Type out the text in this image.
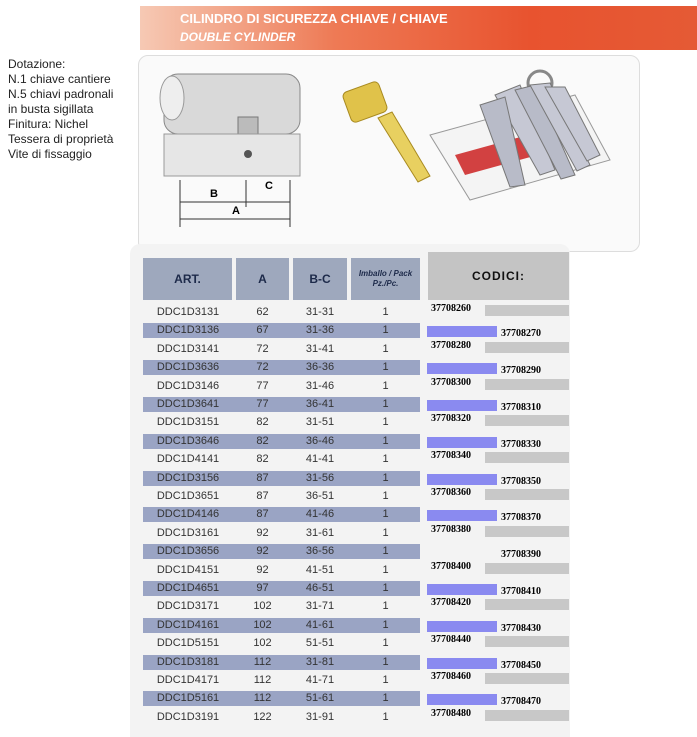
CILINDRO DI SICUREZZA CHIAVE / CHIAVE
DOUBLE CYLINDER
Dotazione:
N.1 chiave cantiere
N.5 chiavi padronali
in busta sigillata
Finitura: Nichel
Tessera di proprietà
Vite di fissaggio
B
C
A
ART.	A	B-C	Imballo / Pack
Pz./Pc.
CODICI:
DDC1D3131	62	31-31	1	37708260
DDC1D3136	67	31-36	1	37708270
DDC1D3141	72	31-41	1	37708280
DDC1D3636	72	36-36	1	37708290
DDC1D3146	77	31-46	1	37708300
DDC1D3641	77	36-41	1	37708310
DDC1D3151	82	31-51	1	37708320
DDC1D3646	82	36-46	1	37708330
DDC1D4141	82	41-41	1	37708340
DDC1D3156	87	31-56	1	37708350
DDC1D3651	87	36-51	1	37708360
DDC1D4146	87	41-46	1	37708370
DDC1D3161	92	31-61	1	37708380
DDC1D3656	92	36-56	1	37708390
DDC1D4151	92	41-51	1	37708400
DDC1D4651	97	46-51	1	37708410
DDC1D3171	102	31-71	1	37708420
DDC1D4161	102	41-61	1	37708430
DDC1D5151	102	51-51	1	37708440
DDC1D3181	112	31-81	1	37708450
DDC1D4171	112	41-71	1	37708460
DDC1D5161	112	51-61	1	37708470
DDC1D3191	122	31-91	1	37708480
